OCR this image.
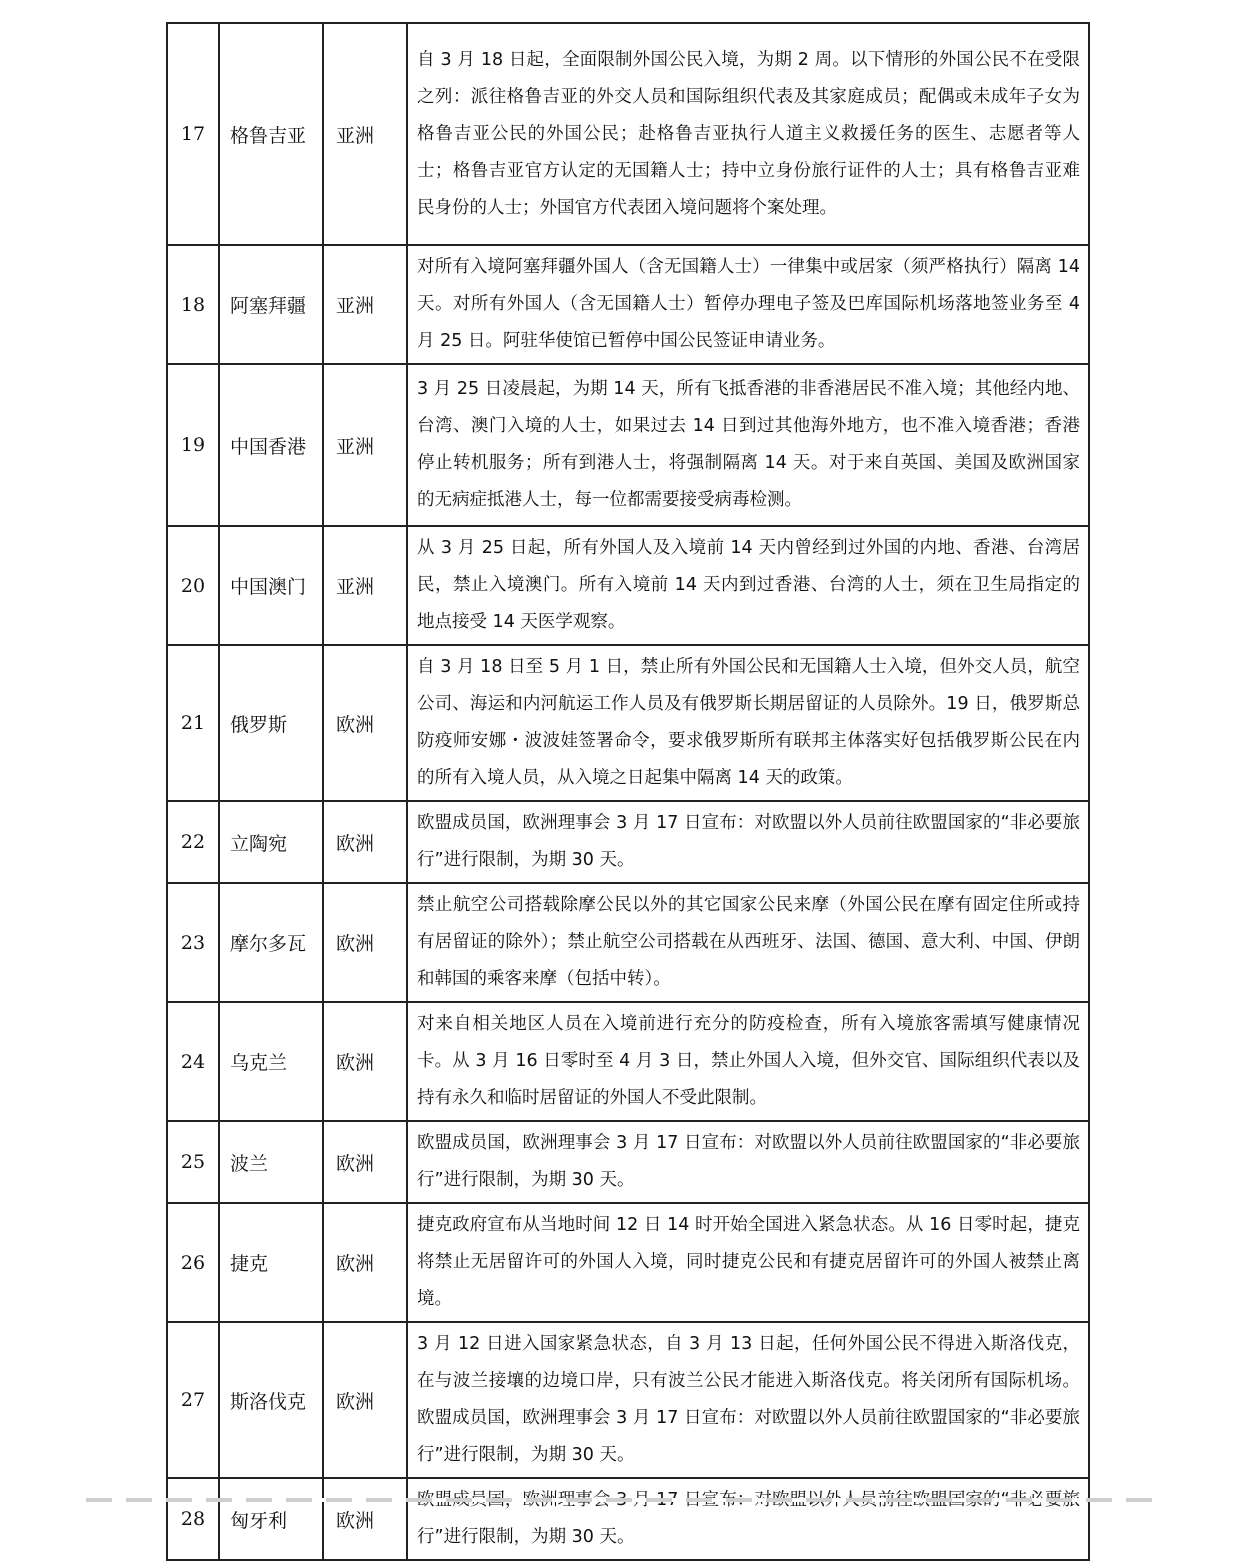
17	格鲁吉亚	亚洲	自 3 月 18 日起，全面限制外国公民入境，为期 2 周。以下情形的外国公民不在受限之列：派往格鲁吉亚的外交人员和国际组织代表及其家庭成员；配偶或未成年子女为格鲁吉亚公民的外国公民；赴格鲁吉亚执行人道主义救援任务的医生、志愿者等人士；格鲁吉亚官方认定的无国籍人士；持中立身份旅行证件的人士；具有格鲁吉亚难民身份的人士；外国官方代表团入境问题将个案处理。
18	阿塞拜疆	亚洲	对所有入境阿塞拜疆外国人（含无国籍人士）一律集中或居家（须严格执行）隔离 14 天。对所有外国人（含无国籍人士）暂停办理电子签及巴库国际机场落地签业务至 4 月 25 日。阿驻华使馆已暂停中国公民签证申请业务。
19	中国香港	亚洲	3 月 25 日凌晨起，为期 14 天，所有飞抵香港的非香港居民不准入境；其他经内地、台湾、澳门入境的人士，如果过去 14 日到过其他海外地方，也不准入境香港；香港停止转机服务；所有到港人士，将强制隔离 14 天。对于来自英国、美国及欧洲国家的无病症抵港人士，每一位都需要接受病毒检测。
20	中国澳门	亚洲	从 3 月 25 日起，所有外国人及入境前 14 天内曾经到过外国的内地、香港、台湾居民，禁止入境澳门。所有入境前 14 天内到过香港、台湾的人士，须在卫生局指定的地点接受 14 天医学观察。
21	俄罗斯	欧洲	自 3 月 18 日至 5 月 1 日，禁止所有外国公民和无国籍人士入境，但外交人员，航空公司、海运和内河航运工作人员及有俄罗斯长期居留证的人员除外。19 日，俄罗斯总防疫师安娜・波波娃签署命令，要求俄罗斯所有联邦主体落实好包括俄罗斯公民在内的所有入境人员，从入境之日起集中隔离 14 天的政策。
22	立陶宛	欧洲	欧盟成员国，欧洲理事会 3 月 17 日宣布：对欧盟以外人员前往欧盟国家的“非必要旅行”进行限制，为期 30 天。
23	摩尔多瓦	欧洲	禁止航空公司搭载除摩公民以外的其它国家公民来摩（外国公民在摩有固定住所或持有居留证的除外）；禁止航空公司搭载在从西班牙、法国、德国、意大利、中国、伊朗和韩国的乘客来摩（包括中转）。
24	乌克兰	欧洲	对来自相关地区人员在入境前进行充分的防疫检查，所有入境旅客需填写健康情况卡。从 3 月 16 日零时至 4 月 3 日，禁止外国人入境，但外交官、国际组织代表以及持有永久和临时居留证的外国人不受此限制。
25	波兰	欧洲	欧盟成员国，欧洲理事会 3 月 17 日宣布：对欧盟以外人员前往欧盟国家的“非必要旅行”进行限制，为期 30 天。
26	捷克	欧洲	捷克政府宣布从当地时间 12 日 14 时开始全国进入紧急状态。从 16 日零时起，捷克将禁止无居留许可的外国人入境，同时捷克公民和有捷克居留许可的外国人被禁止离境。
27	斯洛伐克	欧洲	3 月 12 日进入国家紧急状态，自 3 月 13 日起，任何外国公民不得进入斯洛伐克，在与波兰接壤的边境口岸，只有波兰公民才能进入斯洛伐克。将关闭所有国际机场。欧盟成员国，欧洲理事会 3 月 17 日宣布：对欧盟以外人员前往欧盟国家的“非必要旅行”进行限制，为期 30 天。
28	匈牙利	欧洲	行”进行限制，为期 30 天。
